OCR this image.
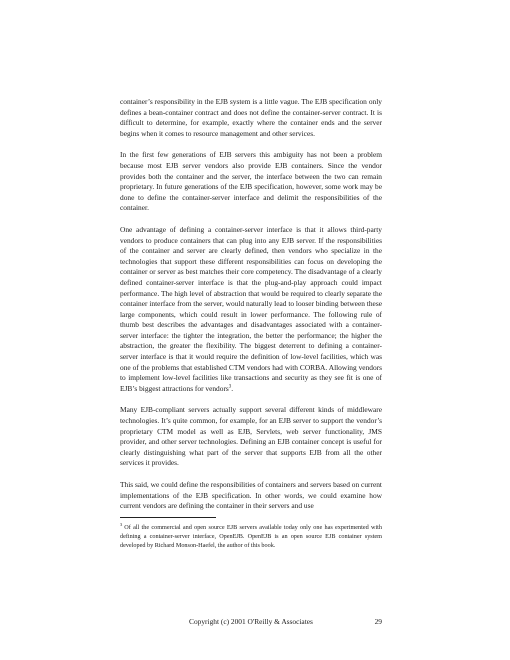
container’s responsibility in the EJB system is a little vague. The EJB specification only defines a bean-container contract and does not define the container-server contract. It is difficult to determine, for example, exactly where the container ends and the server begins when it comes to resource management and other services.

In the first few generations of EJB servers this ambiguity has not been a problem because most EJB server vendors also provide EJB containers. Since the vendor provides both the container and the server, the interface between the two can remain proprietary. In future generations of the EJB specification, however, some work may be done to define the container-server interface and delimit the responsibilities of the container.

One advantage of defining a container-server interface is that it allows third-party vendors to produce containers that can plug into any EJB server. If the responsibilities of the container and server are clearly defined, then vendors who specialize in the technologies that support these different responsibilities can focus on developing the container or server as best matches their core competency. The disadvantage of a clearly defined container-server interface is that the plug-and-play approach could impact performance. The high level of abstraction that would be required to clearly separate the container interface from the server, would naturally lead to looser binding between these large components, which could result in lower performance. The following rule of thumb best describes the advantages and disadvantages associated with a container-server interface: the tighter the integration, the better the performance; the higher the abstraction, the greater the flexibility. The biggest deterrent to defining a container-server interface is that it would require the definition of low-level facilities, which was one of the problems that established CTM vendors had with CORBA. Allowing vendors to implement low-level facilities like transactions and security as they see fit is one of EJB’s biggest attractions for vendors$^3$.

Many EJB-compliant servers actually support several different kinds of middleware technologies. It’s quite common, for example, for an EJB server to support the vendor’s proprietary CTM model as well as EJB, Servlets, web server functionality, JMS provider, and other server technologies. Defining an EJB container concept is useful for clearly distinguishing what part of the server that supports EJB from all the other services it provides.

This said, we could define the responsibilities of containers and servers based on current implementations of the EJB specification. In other words, we could examine how current vendors are defining the container in their servers and use

$^3$ Of all the commercial and open source EJB servers available today only one has experimented with defining a container-server interface, OpenEJB. OpenEJB is an open source EJB container system developed by Richard Monson-Haefel, the author of this book.

Copyright (c) 2001 O'Reilly & Associates	29
